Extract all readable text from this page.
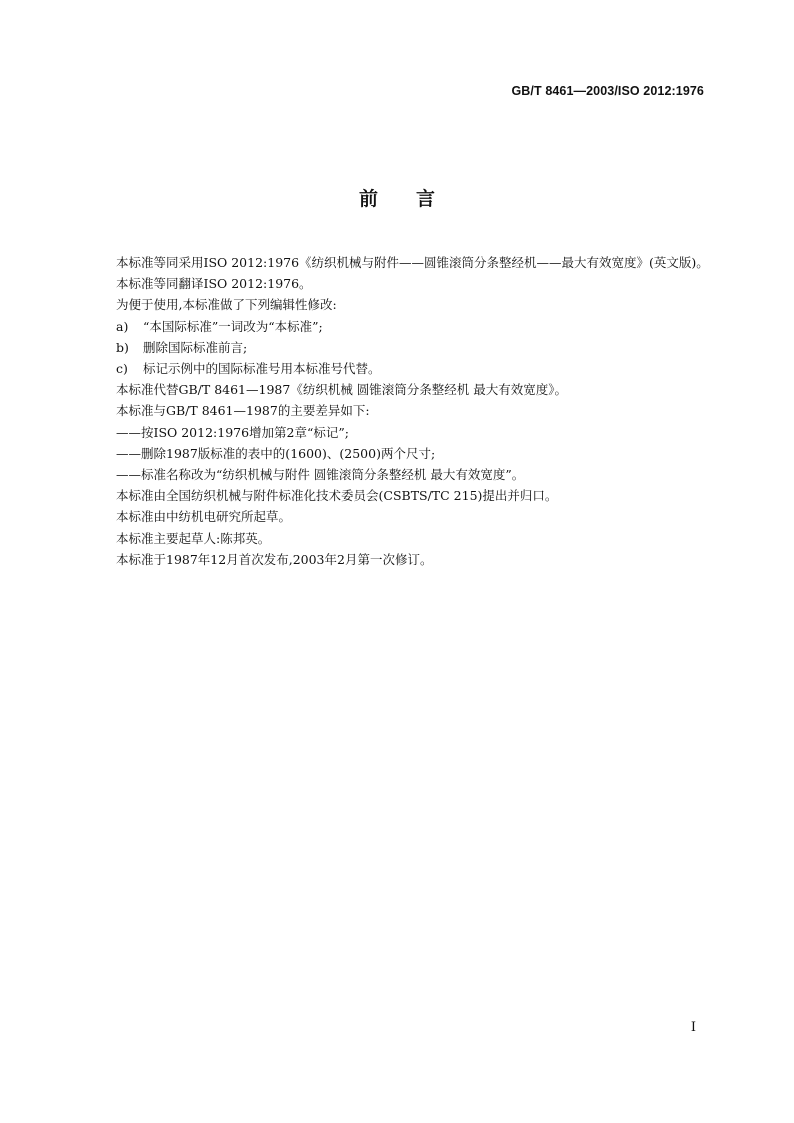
GB/T 8461—2003/ISO 2012:1976
前言

本标准等同采用ISO 2012:1976《纺织机械与附件——圆锥滚筒分条整经机——最大有效宽度》(英文版)。

本标准等同翻译ISO 2012:1976。

为便于使用,本标准做了下列编辑性修改:

a) “本国际标准”一词改为“本标准”;

b) 删除国际标准前言;

c) 标记示例中的国际标准号用本标准号代替。

本标准代替GB/T 8461—1987《纺织机械 圆锥滚筒分条整经机 最大有效宽度》。

本标准与GB/T 8461—1987的主要差异如下:

——按ISO 2012:1976增加第2章“标记”;

——删除1987版标准的表中的(1600)、(2500)两个尺寸;

——标准名称改为“纺织机械与附件 圆锥滚筒分条整经机 最大有效宽度”。

本标准由全国纺织机械与附件标准化技术委员会(CSBTS/TC 215)提出并归口。

本标准由中纺机电研究所起草。

本标准主要起草人:陈邦英。

本标准于1987年12月首次发布,2003年2月第一次修订。

I
